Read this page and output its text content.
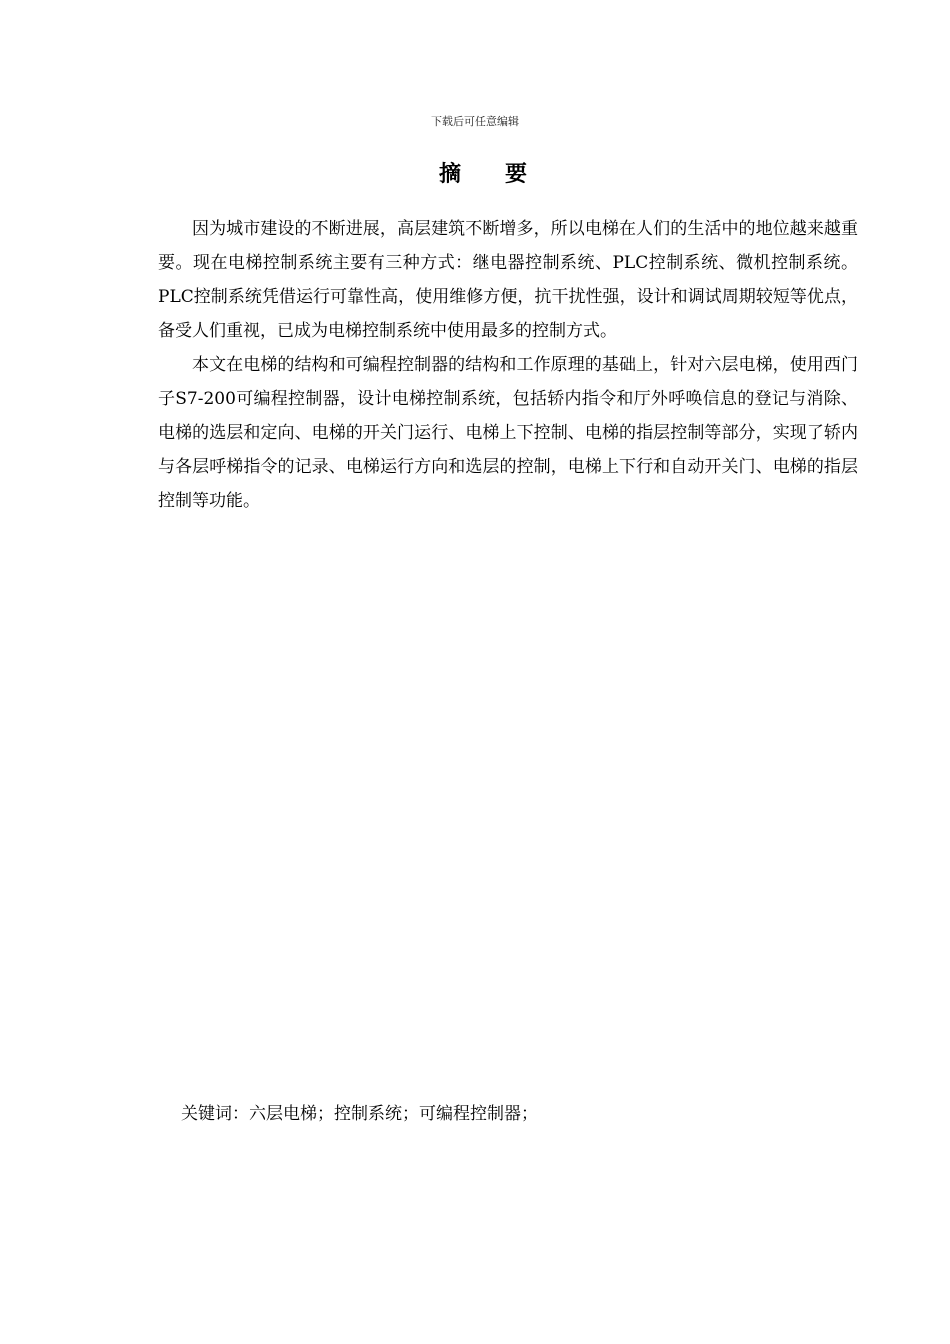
下载后可任意编辑
摘要

因为城市建设的不断进展，高层建筑不断增多，所以电梯在人们的生活中的地位越来越重要。现在电梯控制系统主要有三种方式：继电器控制系统、PLC控制系统、微机控制系统。PLC控制系统凭借运行可靠性高，使用维修方便，抗干扰性强，设计和调试周期较短等优点，备受人们重视，已成为电梯控制系统中使用最多的控制方式。

本文在电梯的结构和可编程控制器的结构和工作原理的基础上，针对六层电梯，使用西门子S7-200可编程控制器，设计电梯控制系统，包括轿内指令和厅外呼唤信息的登记与消除、电梯的选层和定向、电梯的开关门运行、电梯上下控制、电梯的指层控制等部分，实现了轿内与各层呼梯指令的记录、电梯运行方向和选层的控制，电梯上下行和自动开关门、电梯的指层控制等功能。

关键词：六层电梯；控制系统；可编程控制器；
